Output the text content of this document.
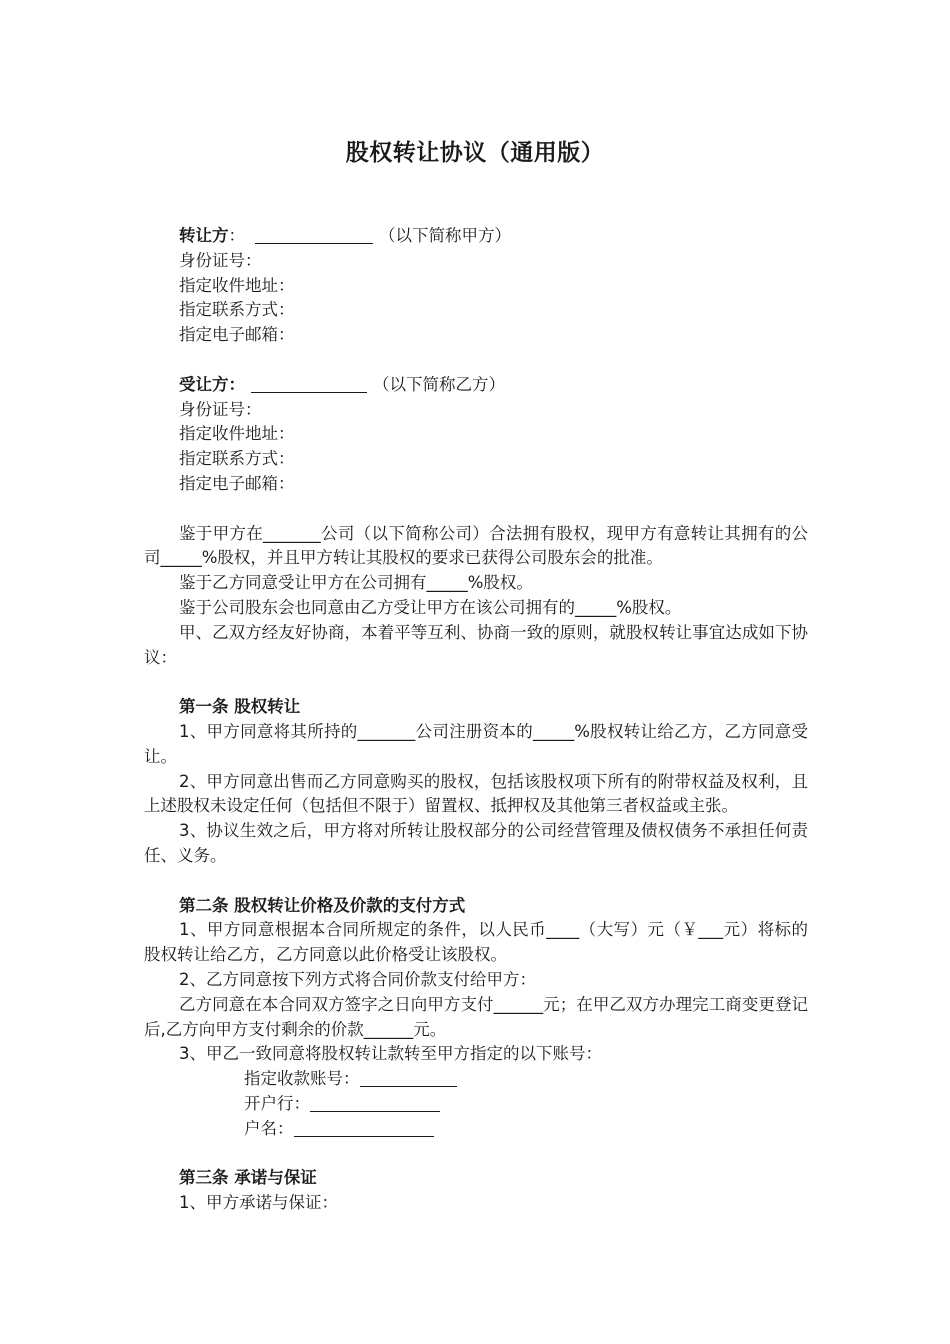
股权转让协议（通用版）

转让方：	（以下简称甲方）

身份证号：

指定收件地址：

指定联系方式：

指定电子邮箱：

受让方：	（以下简称乙方）

身份证号：

指定收件地址：

指定联系方式：

指定电子邮箱：

鉴于甲方在_______公司（以下简称公司）合法拥有股权，现甲方有意转让其拥有的公司_____%股权，并且甲方转让其股权的要求已获得公司股东会的批准。

鉴于乙方同意受让甲方在公司拥有_____%股权。

鉴于公司股东会也同意由乙方受让甲方在该公司拥有的_____%股权。

甲、乙双方经友好协商，本着平等互利、协商一致的原则，就股权转让事宜达成如下协议：

第一条 股权转让

1、甲方同意将其所持的_______公司注册资本的_____%股权转让给乙方，乙方同意受让。

2、甲方同意出售而乙方同意购买的股权，包括该股权项下所有的附带权益及权利，且上述股权未设定任何（包括但不限于）留置权、抵押权及其他第三者权益或主张。

3、协议生效之后，甲方将对所转让股权部分的公司经营管理及债权债务不承担任何责任、义务。

第二条 股权转让价格及价款的支付方式

1、甲方同意根据本合同所规定的条件，以人民币____（大写）元（￥___元）将标的股权转让给乙方，乙方同意以此价格受让该股权。

2、乙方同意按下列方式将合同价款支付给甲方：

乙方同意在本合同双方签字之日向甲方支付______元；在甲乙双方办理完工商变更登记后,乙方向甲方支付剩余的价款______元。

3、甲乙一致同意将股权转让款转至甲方指定的以下账号：

指定收款账号：

开户行：

户名：

第三条 承诺与保证

1、甲方承诺与保证：
